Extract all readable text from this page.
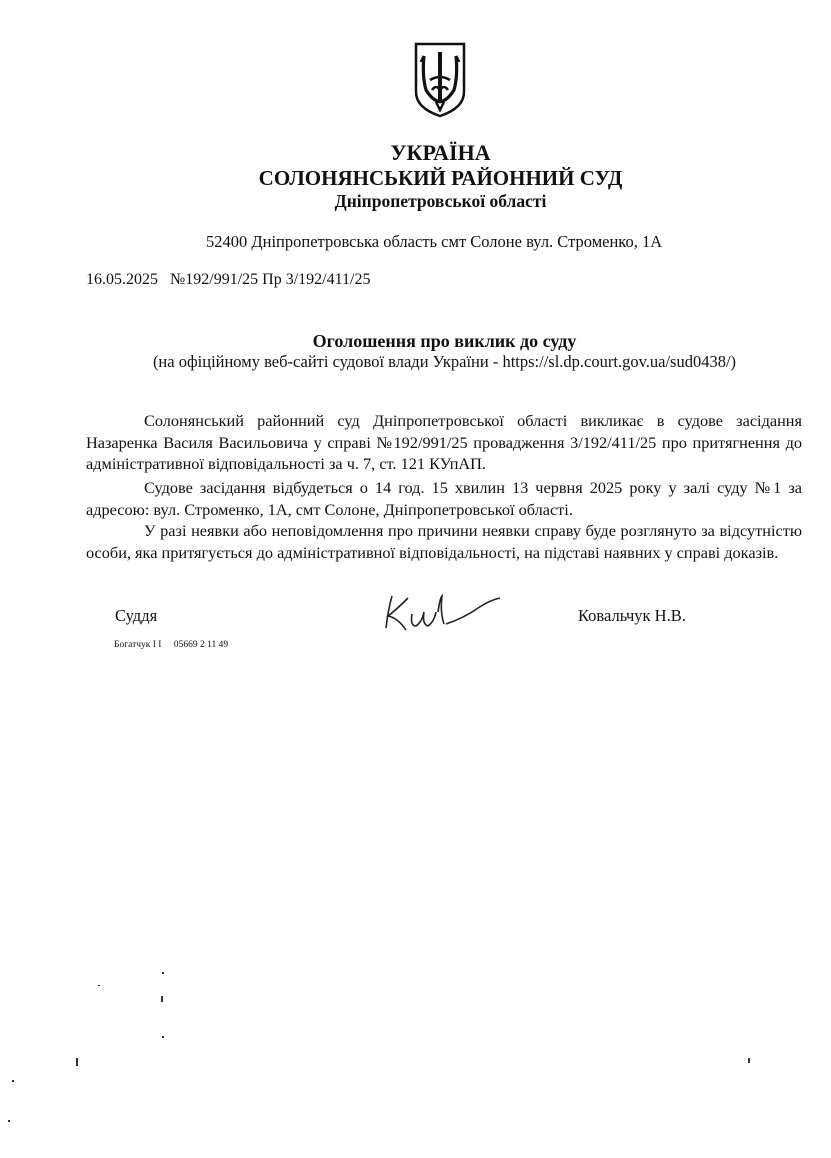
УКРАЇНА
СОЛОНЯНСЬКИЙ РАЙОННИЙ СУД
Дніпропетровської області
52400 Дніпропетровська область смт Солоне вул. Строменко, 1А
16.05.2025 №192/991/25 Пр 3/192/411/25
Оголошення про виклик до суду
(на офіційному веб-сайті судової влади України - https://sl.dp.court.gov.ua/sud0438/)

Солонянський районний суд Дніпропетровської області викликає в судове засідання Назаренка Василя Васильовича у справі №192/991/25 провадження 3/192/411/25 про притягнення до адміністративної відповідальності за ч. 7, ст. 121 КУпАП.

Судове засідання відбудеться о 14 год. 15 хвилин 13 червня 2025 року у залі суду №1 за адресою: вул. Строменко, 1А, смт Солоне, Дніпропетровської області.

У разі неявки або неповідомлення про причини неявки справу буде розглянуто за відсутністю особи, яка притягується до адміністративної відповідальності, на підставі наявних у справі доказів.

Суддя	Ковальчук Н.В.
Богатчук І І 05669 2 11 49
